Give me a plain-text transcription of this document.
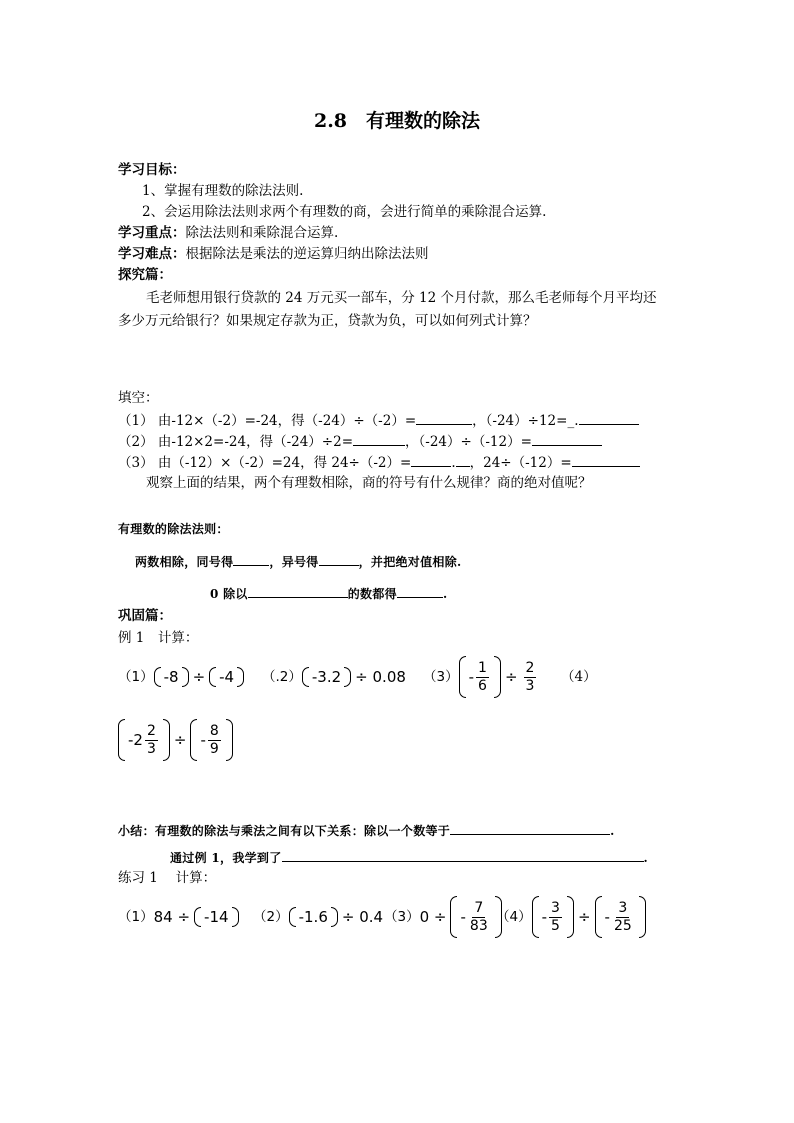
2.8　有理数的除法
学习目标：
1、掌握有理数的除法法则.
2、会运用除法法则求两个有理数的商，会进行简单的乘除混合运算.
学习重点：除法法则和乘除混合运算.
学习难点：根据除法是乘法的逆运算归纳出除法法则
探究篇：
毛老师想用银行贷款的 24 万元买一部车，分 12 个月付款，那么毛老师每个月平均还
多少万元给银行？如果规定存款为正，贷款为负，可以如何列式计算？
填空：
（1） 由-12×（-2）=-24，得（-24）÷（-2）=	，（-24）÷12=_.
（2） 由-12×2=-24，得（-24）÷2=	，（-24）÷（-12）=
（3） 由（-12）×（-2）=24，得 24÷（-2）=	. ，24÷（-12）=
观察上面的结果，两个有理数相除，商的符号有什么规律？商的绝对值呢？
有理数的除法法则：
两数相除，同号得	，异号得	，并把绝对值相除.
0 除以	的数都得	.
巩固篇：
例 1　计算：
（1） -8 ÷ -4 （.2） -3.2 ÷ 0.08 $(3) - \frac{1}{6} \div \frac{2}{3} (4)$
$-2 \frac{2}{3}$ ÷ - $\frac{8}{9}$
小结：有理数的除法与乘法之间有以下关系：除以一个数等于	.
通过例 1，我学到了	.
练习 1　 计算：
（1） 84 ÷ -14 （2） -1.6 ÷ 0.4 （3） 0 ÷ - $\frac{7}{83} (4) - \frac{3}{5}$ ÷ - $\frac{3}{25}$
